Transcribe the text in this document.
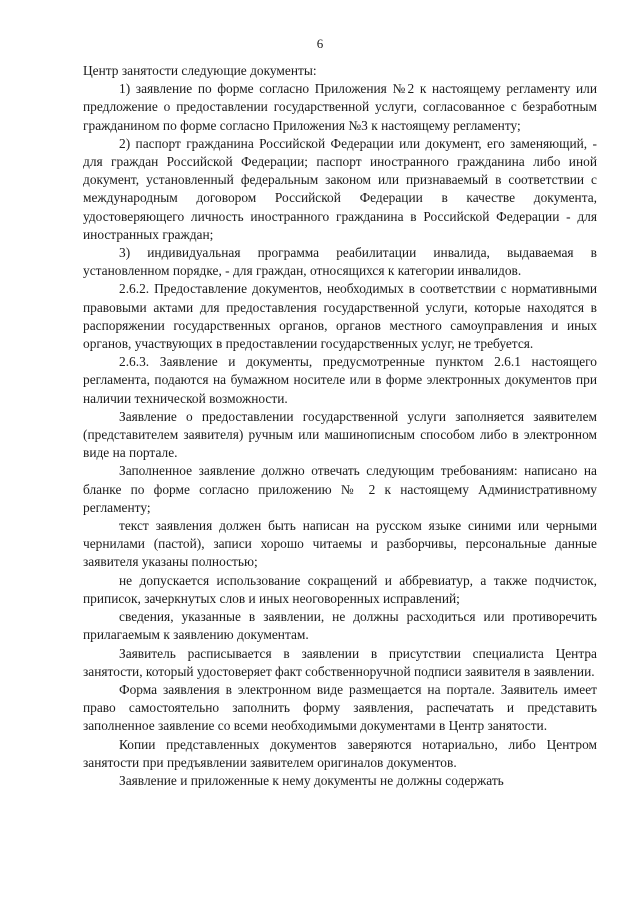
6

Центр занятости следующие документы:

1) заявление по форме согласно Приложения №2 к настоящему регламенту или предложение о предоставлении государственной услуги, согласованное с безработным гражданином по форме согласно Приложения №3 к настоящему регламенту;

2) паспорт гражданина Российской Федерации или документ, его заменяющий, - для граждан Российской Федерации; паспорт иностранного гражданина либо иной документ, установленный федеральным законом или признаваемый в соответствии с международным договором Российской Федерации в качестве документа, удостоверяющего личность иностранного гражданина в Российской Федерации - для иностранных граждан;

3) индивидуальная программа реабилитации инвалида, выдаваемая в установленном порядке, - для граждан, относящихся к категории инвалидов.

2.6.2. Предоставление документов, необходимых в соответствии с нормативными правовыми актами для предоставления государственной услуги, которые находятся в распоряжении государственных органов, органов местного самоуправления и иных органов, участвующих в предоставлении государственных услуг, не требуется.

2.6.3. Заявление и документы, предусмотренные пунктом 2.6.1 настоящего регламента, подаются на бумажном носителе или в форме электронных документов при наличии технической возможности.

Заявление о предоставлении государственной услуги заполняется заявителем (представителем заявителя) ручным или машинописным способом либо в электронном виде на портале.

Заполненное заявление должно отвечать следующим требованиям: написано на бланке по форме согласно приложению № 2 к настоящему Административному регламенту;

текст заявления должен быть написан на русском языке синими или черными чернилами (пастой), записи хорошо читаемы и разборчивы, персональные данные заявителя указаны полностью;

не допускается использование сокращений и аббревиатур, а также подчисток, приписок, зачеркнутых слов и иных неоговоренных исправлений;

сведения, указанные в заявлении, не должны расходиться или противоречить прилагаемым к заявлению документам.

Заявитель расписывается в заявлении в присутствии специалиста Центра занятости, который удостоверяет факт собственноручной подписи заявителя в заявлении.

Форма заявления в электронном виде размещается на портале. Заявитель имеет право самостоятельно заполнить форму заявления, распечатать и представить заполненное заявление со всеми необходимыми документами в Центр занятости.

Копии представленных документов заверяются нотариально, либо Центром занятости при предъявлении заявителем оригиналов документов.

Заявление и приложенные к нему документы не должны содержать
